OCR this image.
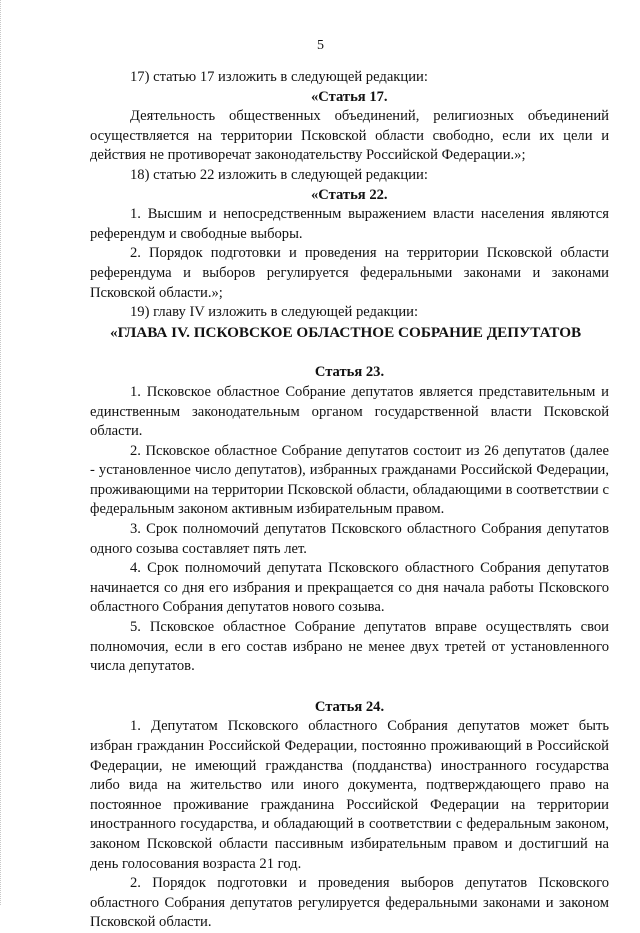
5

17) статью 17 изложить в следующей редакции:

«Статья 17.

Деятельность общественных объединений, религиозных объединений осуществляется на территории Псковской области свободно, если их цели и действия не противоречат законодательству Российской Федерации.»;

18) статью 22 изложить в следующей редакции:

«Статья 22.

1. Высшим и непосредственным выражением власти населения являются референдум и свободные выборы.

2. Порядок подготовки и проведения на территории Псковской области референдума и выборов регулируется федеральными законами и законами Псковской области.»;

19) главу IV изложить в следующей редакции:

«ГЛАВА IV. ПСКОВСКОЕ ОБЛАСТНОЕ СОБРАНИЕ ДЕПУТАТОВ

Статья 23.

1. Псковское областное Собрание депутатов является представительным и единственным законодательным органом государственной власти Псковской области.

2. Псковское областное Собрание депутатов состоит из 26 депутатов (далее - установленное число депутатов), избранных гражданами Российской Федерации, проживающими на территории Псковской области, обладающими в соответствии с федеральным законом активным избирательным правом.

3. Срок полномочий депутатов Псковского областного Собрания депутатов одного созыва составляет пять лет.

4. Срок полномочий депутата Псковского областного Собрания депутатов начинается со дня его избрания и прекращается со дня начала работы Псковского областного Собрания депутатов нового созыва.

5. Псковское областное Собрание депутатов вправе осуществлять свои полномочия, если в его состав избрано не менее двух третей от установленного числа депутатов.

Статья 24.

1. Депутатом Псковского областного Собрания депутатов может быть избран гражданин Российской Федерации, постоянно проживающий в Российской Федерации, не имеющий гражданства (подданства) иностранного государства либо вида на жительство или иного документа, подтверждающего право на постоянное проживание гражданина Российской Федерации на территории иностранного государства, и обладающий в соответствии с федеральным законом, законом Псковской области пассивным избирательным правом и достигший на день голосования возраста 21 год.

2. Порядок подготовки и проведения выборов депутатов Псковского областного Собрания депутатов регулируется федеральными законами и законом Псковской области.
